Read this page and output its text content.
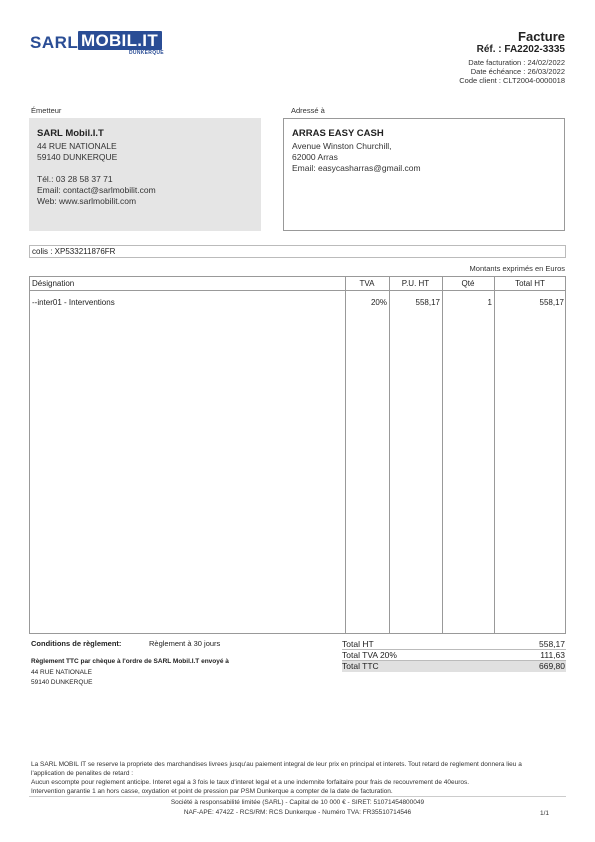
SARL MOBIL.IT
DUNKERQUE
Facture
Réf. : FA2202-3335
Date facturation : 24/02/2022
Date échéance : 26/03/2022
Code client : CLT2004-0000018
Émetteur	Adressé à
SARL Mobil.I.T
44 RUE NATIONALE
59140 DUNKERQUE
Tél.: 03 28 58 37 71
Email: contact@sarlmobilit.com
Web: www.sarlmobilit.com
ARRAS EASY CASH
Avenue Winston Churchill,
62000 Arras
Email: easycasharras@gmail.com
colis : XP533211876FR
Montants exprimés en Euros
Désignation	TVA	P.U. HT	Qté	Total HT
--inter01 - Interventions	20%	558,17	1	558,17
Conditions de règlement:	Règlement à 30 jours
Règlement TTC par chèque à l'ordre de SARL Mobil.I.T envoyé à
44 RUE NATIONALE
59140 DUNKERQUE
Total HT	558,17
Total TVA 20%	111,63
Total TTC	669,80
La SARL MOBIL IT se reserve la propriete des marchandises livrees jusqu'au paiement integral de leur prix en principal et interets. Tout retard de reglement donnera lieu a
l'application de penalites de retard :
Aucun escompte pour reglement anticipe. Interet egal a 3 fois le taux d'interet legal et a une indemnite forfaitaire pour frais de recouvrement de 40euros.
Intervention garantie 1 an hors casse, oxydation et point de pression par PSM Dunkerque a compter de la date de facturation.
Société à responsabilité limitée (SARL) - Capital de 10 000 € - SIRET: 51071454800049
NAF-APE: 4742Z - RCS/RM: RCS Dunkerque - Numéro TVA: FR35510714546	1/1
